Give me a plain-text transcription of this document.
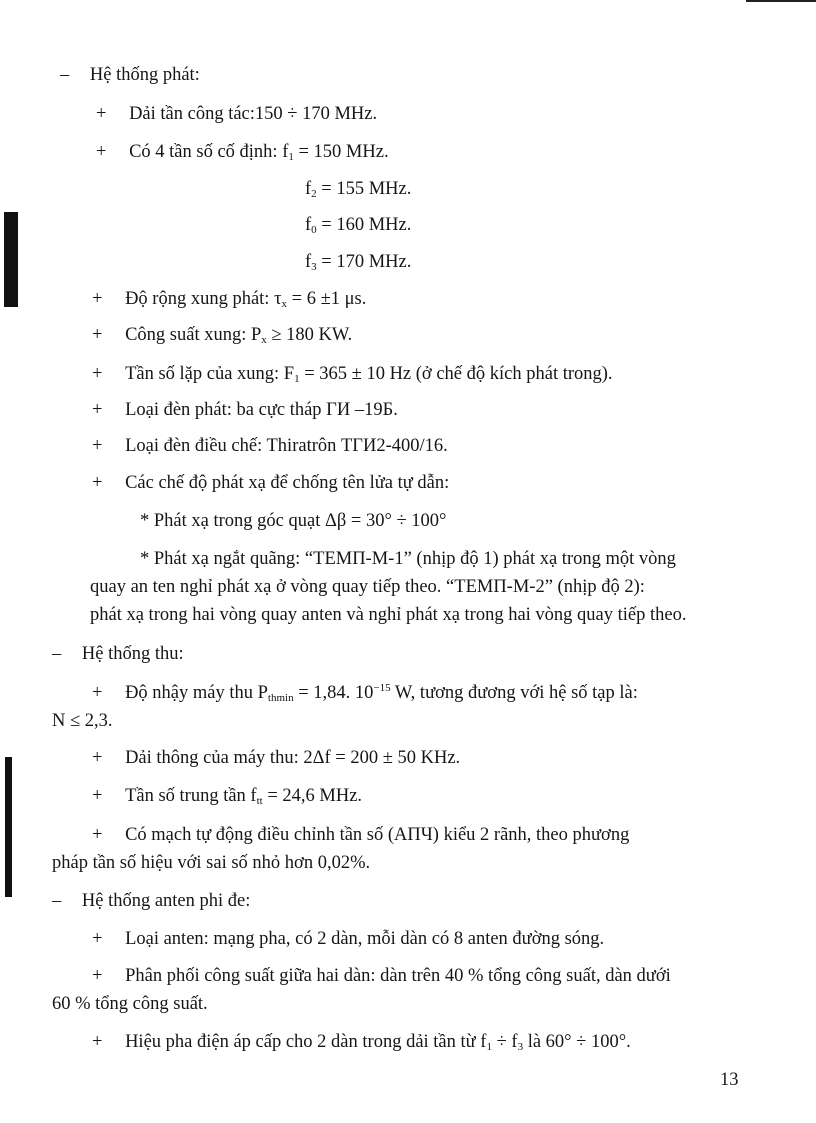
– Hệ thống phát:
+ Dải tần công tác:150 ÷ 170 MHz.
+ Có 4 tần số cố định: $f_1 = 150$ MHz.
$f_2 = 155$ MHz.
$f_0 = 160$ MHz.
$f_3 = 170$ MHz.
+ Độ rộng xung phát: $\tau_x = 6 \pm 1$ μs.
+ Công suất xung: $P_x \ge 180$ KW.
+ Tần số lặp của xung: $F_1 = 365 \pm 10$ Hz (ở chế độ kích phát trong).
+ Loại đèn phát: ba cực tháp ГИ –19Б.
+ Loại đèn điều chế: Thiratrôn ТГИ2-400/16.
+ Các chế độ phát xạ để chống tên lửa tự dẫn:
* Phát xạ trong góc quạt Δβ = 30° ÷ 100°
* Phát xạ ngắt quãng: “ТЕМП-М-1” (nhịp độ 1) phát xạ trong một vòng
quay an ten nghỉ phát xạ ở vòng quay tiếp theo. “ТЕМП-М-2” (nhịp độ 2):
phát xạ trong hai vòng quay anten và nghỉ phát xạ trong hai vòng quay tiếp theo.
– Hệ thống thu:
+ Độ nhậy máy thu $P_{thmin} = 1,84$. $10^{-15}$ W, tương đương với hệ số tạp là:
N ≤ 2,3.
+ Dải thông của máy thu: 2Δf = 200 ± 50 KHz.
+ Tần số trung tần $f_{tt} = 24,6$ MHz.
+ Có mạch tự động điều chỉnh tần số (АПЧ) kiểu 2 rãnh, theo phương
pháp tần số hiệu với sai số nhỏ hơn 0,02%.
– Hệ thống anten phi đe:
+ Loại anten: mạng pha, có 2 dàn, mỗi dàn có 8 anten đường sóng.
+ Phân phối công suất giữa hai dàn: dàn trên 40 % tổng công suất, dàn dưới
60 % tổng công suất.
+ Hiệu pha điện áp cấp cho 2 dàn trong dải tần từ $f_1 \div f_3$ là 60° ÷ 100°.
13
